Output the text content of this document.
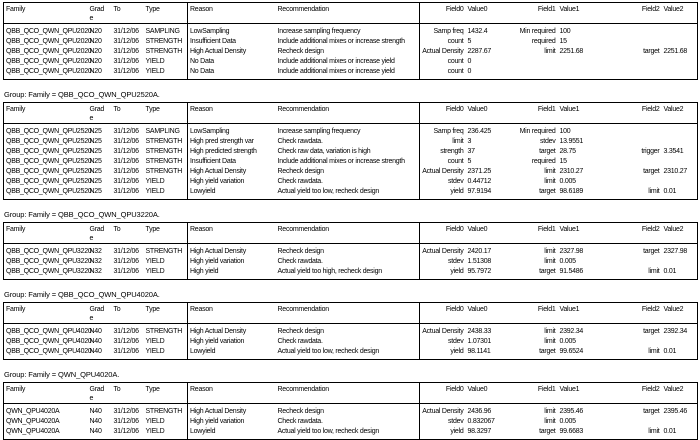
Family	Grade	To	Type	Reason	Recommendation	Field0	Value0	Field1	Value1	Field2	Value2
QBB_QCO_QWN_QPU2020	N20	31/12/06	SAMPLING	LowSampling	Increase sampling frequency	Samp freq	1432.4	Min required	100		
QBB_QCO_QWN_QPU2020	N20	31/12/06	STRENGTH	Insufficient Data	Include additional mixes or increase strength	count	5	required	15		
QBB_QCO_QWN_QPU2020	N20	31/12/06	STRENGTH	High Actual Density	Recheck design	Actual Density	2287.67	limit	2251.68	target	2251.68
QBB_QCO_QWN_QPU2020	N20	31/12/06	YIELD	No Data	Include additional mixes or increase yield	count	0				
QBB_QCO_QWN_QPU2020	N20	31/12/06	YIELD	No Data	Include additional mixes or increase yield	count	0				
Group: Family = QBB_QCO_QWN_QPU2520A.
Family	Grade	To	Type	Reason	Recommendation	Field0	Value0	Field1	Value1	Field2	Value2
QBB_QCO_QWN_QPU2520	N25	31/12/06	SAMPLING	LowSampling	Increase sampling frequency	Samp freq	236.425	Min required	100		
QBB_QCO_QWN_QPU2520	N25	31/12/06	STRENGTH	High pred strength var	Check rawdata.	limit	3	stdev	13.9551		
QBB_QCO_QWN_QPU2520	N25	31/12/06	STRENGTH	High predicted strength	Check raw data, variation is high	strength	37	target	28.75	trigger	3.3541
QBB_QCO_QWN_QPU2520	N25	31/12/06	STRENGTH	Insufficient Data	Include additional mixes or increase strength	count	5	required	15		
QBB_QCO_QWN_QPU2520	N25	31/12/06	STRENGTH	High Actual Density	Recheck design	Actual Density	2371.25	limit	2310.27	target	2310.27
QBB_QCO_QWN_QPU2520	N25	31/12/06	YIELD	High yield variation	Check rawdata.	stdev	0.44712	limit	0.005		
QBB_QCO_QWN_QPU2520	N25	31/12/06	YIELD	Lowyield	Actual yield too low, recheck design	yield	97.9194	target	98.6189	limit	0.01
Group: Family = QBB_QCO_QWN_QPU3220A.
Family	Grade	To	Type	Reason	Recommendation	Field0	Value0	Field1	Value1	Field2	Value2
QBB_QCO_QWN_QPU3220	N32	31/12/06	STRENGTH	High Actual Density	Recheck design	Actual Density	2420.17	limit	2327.98	target	2327.98
QBB_QCO_QWN_QPU3220	N32	31/12/06	YIELD	High yield variation	Check rawdata.	stdev	1.51308	limit	0.005		
QBB_QCO_QWN_QPU3220	N32	31/12/06	YIELD	High yield	Actual yield too high, recheck design	yield	95.7972	target	91.5486	limit	0.01
Group: Family = QBB_QCO_QWN_QPU4020A.
Family	Grade	To	Type	Reason	Recommendation	Field0	Value0	Field1	Value1	Field2	Value2
QBB_QCO_QWN_QPU4020	N40	31/12/06	STRENGTH	High Actual Density	Recheck design	Actual Density	2438.33	limit	2392.34	target	2392.34
QBB_QCO_QWN_QPU4020	N40	31/12/06	YIELD	High yield variation	Check rawdata.	stdev	1.07301	limit	0.005		
QBB_QCO_QWN_QPU4020	N40	31/12/06	YIELD	Lowyield	Actual yield too low, recheck design	yield	98.1141	target	99.6524	limit	0.01
Group: Family = QWN_QPU4020A.
Family	Grade	To	Type	Reason	Recommendation	Field0	Value0	Field1	Value1	Field2	Value2
QWN_QPU4020A	N40	31/12/06	STRENGTH	High Actual Density	Recheck design	Actual Density	2436.96	limit	2395.46	target	2395.46
QWN_QPU4020A	N40	31/12/06	YIELD	High yield variation	Check rawdata.	stdev	0.832067	limit	0.005		
QWN_QPU4020A	N40	31/12/06	YIELD	Lowyield	Actual yield too low, recheck design	yield	98.3297	target	99.6683	limit	0.01
